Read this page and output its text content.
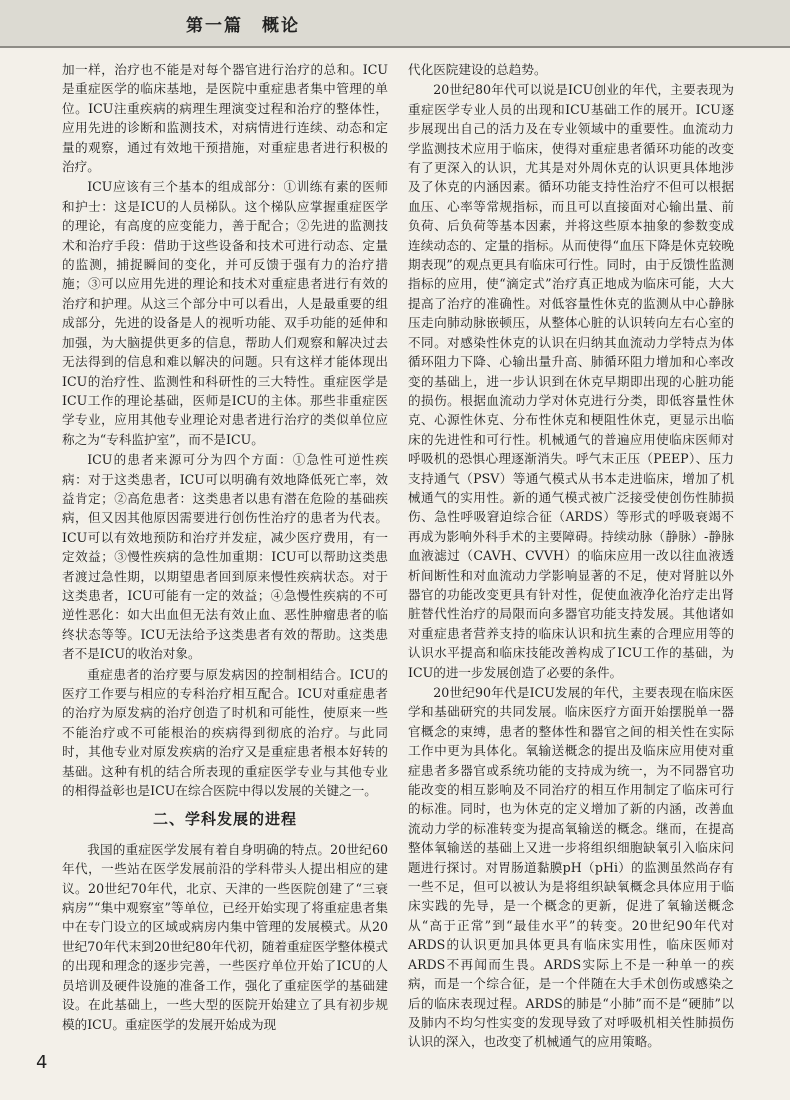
第一篇　概论

加一样，治疗也不能是对每个器官进行治疗的总和。ICU是重症医学的临床基地，是医院中重症患者集中管理的单位。ICU注重疾病的病理生理演变过程和治疗的整体性，应用先进的诊断和监测技术，对病情进行连续、动态和定量的观察，通过有效地干预措施，对重症患者进行积极的治疗。

ICU应该有三个基本的组成部分：①训练有素的医师和护士：这是ICU的人员梯队。这个梯队应掌握重症医学的理论，有高度的应变能力，善于配合；②先进的监测技术和治疗手段：借助于这些设备和技术可进行动态、定量的监测，捕捉瞬间的变化，并可反馈于强有力的治疗措施；③可以应用先进的理论和技术对重症患者进行有效的治疗和护理。从这三个部分中可以看出，人是最重要的组成部分，先进的设备是人的视听功能、双手功能的延伸和加强，为大脑提供更多的信息，帮助人们观察和解决过去无法得到的信息和难以解决的问题。只有这样才能体现出ICU的治疗性、监测性和科研性的三大特性。重症医学是ICU工作的理论基础，医师是ICU的主体。那些非重症医学专业，应用其他专业理论对患者进行治疗的类似单位应称之为“专科监护室”，而不是ICU。

ICU的患者来源可分为四个方面：①急性可逆性疾病：对于这类患者，ICU可以明确有效地降低死亡率，效益肯定；②高危患者：这类患者以患有潜在危险的基础疾病，但又因其他原因需要进行创伤性治疗的患者为代表。ICU可以有效地预防和治疗并发症，减少医疗费用，有一定效益；③慢性疾病的急性加重期：ICU可以帮助这类患者渡过急性期，以期望患者回到原来慢性疾病状态。对于这类患者，ICU可能有一定的效益；④急慢性疾病的不可逆性恶化：如大出血但无法有效止血、恶性肿瘤患者的临终状态等等。ICU无法给予这类患者有效的帮助。这类患者不是ICU的收治对象。

重症患者的治疗要与原发病因的控制相结合。ICU的医疗工作要与相应的专科治疗相互配合。ICU对重症患者的治疗为原发病的治疗创造了时机和可能性，使原来一些不能治疗或不可能根治的疾病得到彻底的治疗。与此同时，其他专业对原发疾病的治疗又是重症患者根本好转的基础。这种有机的结合所表现的重症医学专业与其他专业的相得益彰也是ICU在综合医院中得以发展的关键之一。

二、学科发展的进程

我国的重症医学发展有着自身明确的特点。20世纪60年代，一些站在医学发展前沿的学科带头人提出相应的建议。20世纪70年代，北京、天津的一些医院创建了“三衰病房”“集中观察室”等单位，已经开始实现了将重症患者集中在专门设立的区域或病房内集中管理的发展模式。从20世纪70年代末到20世纪80年代初，随着重症医学整体模式的出现和理念的逐步完善，一些医疗单位开始了ICU的人员培训及硬件设施的准备工作，强化了重症医学的基础建设。在此基础上，一些大型的医院开始建立了具有初步规模的ICU。重症医学的发展开始成为现

代化医院建设的总趋势。

20世纪80年代可以说是ICU创业的年代，主要表现为重症医学专业人员的出现和ICU基础工作的展开。ICU逐步展现出自己的活力及在专业领域中的重要性。血流动力学监测技术应用于临床，使得对重症患者循环功能的改变有了更深入的认识，尤其是对外周休克的认识更具体地涉及了休克的内涵因素。循环功能支持性治疗不但可以根据血压、心率等常规指标，而且可以直接面对心输出量、前负荷、后负荷等基本因素，并将这些原本抽象的参数变成连续动态的、定量的指标。从而使得“血压下降是休克较晚期表现”的观点更具有临床可行性。同时，由于反馈性监测指标的应用，使“滴定式”治疗真正地成为临床可能，大大提高了治疗的准确性。对低容量性休克的监测从中心静脉压走向肺动脉嵌顿压，从整体心脏的认识转向左右心室的不同。对感染性休克的认识在归纳其血流动力学特点为体循环阻力下降、心输出量升高、肺循环阻力增加和心率改变的基础上，进一步认识到在休克早期即出现的心脏功能的损伤。根据血流动力学对休克进行分类，即低容量性休克、心源性休克、分布性休克和梗阻性休克，更显示出临床的先进性和可行性。机械通气的普遍应用使临床医师对呼吸机的恐惧心理逐渐消失。呼气末正压（PEEP）、压力支持通气（PSV）等通气模式从书本走进临床，增加了机械通气的实用性。新的通气模式被广泛接受使创伤性肺损伤、急性呼吸窘迫综合征（ARDS）等形式的呼吸衰竭不再成为影响外科手术的主要障碍。持续动脉（静脉）-静脉血液滤过（CAVH、CVVH）的临床应用一改以往血液透析间断性和对血流动力学影响显著的不足，使对肾脏以外器官的功能改变更具有针对性，促使血液净化治疗走出肾脏替代性治疗的局限而向多器官功能支持发展。其他诸如对重症患者营养支持的临床认识和抗生素的合理应用等的认识水平提高和临床技能改善构成了ICU工作的基础，为ICU的进一步发展创造了必要的条件。

20世纪90年代是ICU发展的年代，主要表现在临床医学和基础研究的共同发展。临床医疗方面开始摆脱单一器官概念的束缚，患者的整体性和器官之间的相关性在实际工作中更为具体化。氧输送概念的提出及临床应用使对重症患者多器官或系统功能的支持成为统一，为不同器官功能改变的相互影响及不同治疗的相互作用制定了临床可行的标准。同时，也为休克的定义增加了新的内涵，改善血流动力学的标准转变为提高氧输送的概念。继而，在提高整体氧输送的基础上又进一步将组织细胞缺氧引入临床问题进行探讨。对胃肠道黏膜pH（pHi）的监测虽然尚存有一些不足，但可以被认为是将组织缺氧概念具体应用于临床实践的先导，是一个概念的更新，促进了氧输送概念从“高于正常”到“最佳水平”的转变。20世纪90年代对ARDS的认识更加具体更具有临床实用性，临床医师对ARDS不再闻而生畏。ARDS实际上不是一种单一的疾病，而是一个综合征，是一个伴随在大手术创伤或感染之后的临床表现过程。ARDS的肺是“小肺”而不是“硬肺”以及肺内不均匀性实变的发现导致了对呼吸机相关性肺损伤认识的深入，也改变了机械通气的应用策略。

4
